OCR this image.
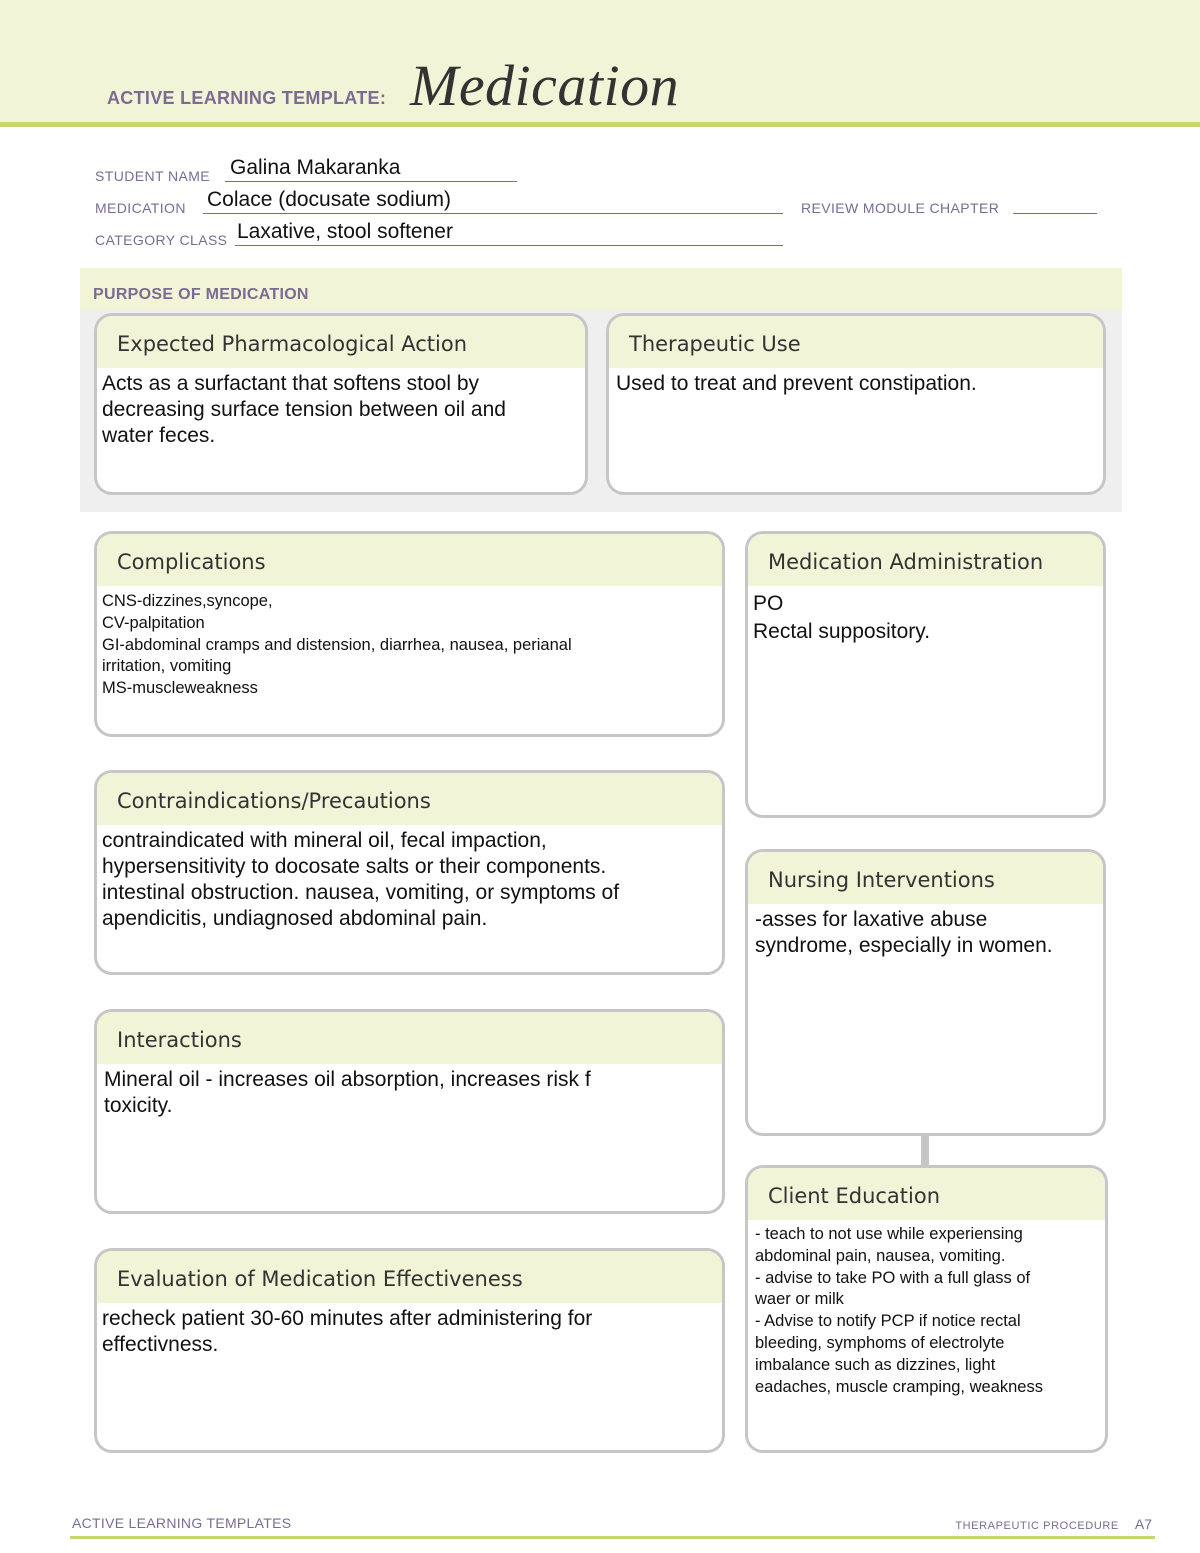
ACTIVE LEARNING TEMPLATE: Medication
STUDENT NAME Galina Makaranka
MEDICATION Colace (docusate sodium)	REVIEW MODULE CHAPTER
CATEGORY CLASS Laxative, stool softener
PURPOSE OF MEDICATION
Expected Pharmacological Action
Acts as a surfactant that softens stool by
decreasing surface tension between oil and
water feces.
Therapeutic Use
Used to treat and prevent constipation.
Complications
CNS-dizzines,syncope,
CV-palpitation
GI-abdominal cramps and distension, diarrhea, nausea, perianal
irritation, vomiting
MS-muscleweakness
Medication Administration
PO
Rectal suppository.
Contraindications/Precautions
contraindicated with mineral oil, fecal impaction,
hypersensitivity to docosate salts or their components.
intestinal obstruction. nausea, vomiting, or symptoms of
apendicitis, undiagnosed abdominal pain.
Nursing Interventions
-asses for laxative abuse
syndrome, especially in women.
Interactions
Mineral oil - increases oil absorption, increases risk f
toxicity.
Client Education
- teach to not use while experiensing
abdominal pain, nausea, vomiting.
- advise to take PO with a full glass of
waer or milk
- Advise to notify PCP if notice rectal
bleeding, symphoms of electrolyte
imbalance such as dizzines, light
eadaches, muscle cramping, weakness
Evaluation of Medication Effectiveness
recheck patient 30-60 minutes after administering for
effectivness.
ACTIVE LEARNING TEMPLATES	THERAPEUTIC PROCEDURE A7
